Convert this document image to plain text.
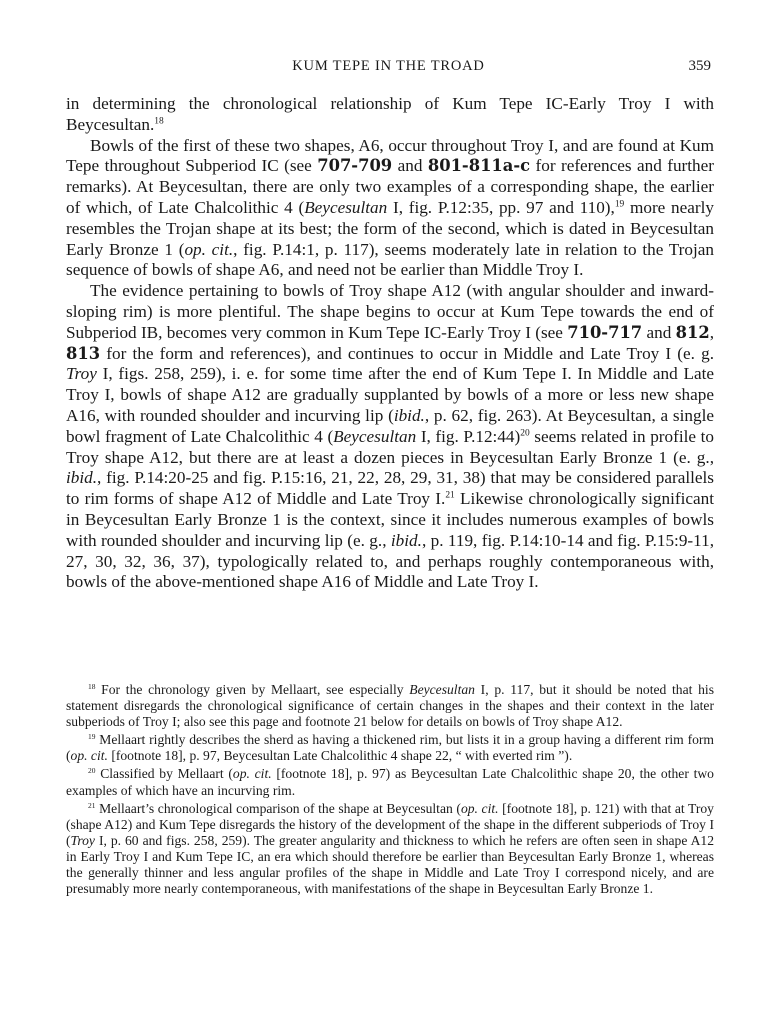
KUM TEPE IN THE TROAD	359

in determining the chronological relationship of Kum Tepe IC-Early Troy I with Beycesultan.$^{18}$

Bowls of the first of these two shapes, A6, occur throughout Troy I, and are found at Kum Tepe throughout Subperiod IC (see 707-709 and 801-811a-c for references and further remarks). At Beycesultan, there are only two examples of a corresponding shape, the earlier of which, of Late Chalcolithic 4 (Beycesultan I, fig. P.12:35, pp. 97 and 110),$^{19}$ more nearly resembles the Trojan shape at its best; the form of the second, which is dated in Beycesultan Early Bronze 1 (op. cit., fig. P.14:1, p. 117), seems moderately late in relation to the Trojan sequence of bowls of shape A6, and need not be earlier than Middle Troy I.

The evidence pertaining to bowls of Troy shape A12 (with angular shoulder and inward-sloping rim) is more plentiful. The shape begins to occur at Kum Tepe towards the end of Subperiod IB, becomes very common in Kum Tepe IC-Early Troy I (see 710-717 and 812, 813 for the form and references), and continues to occur in Middle and Late Troy I (e. g. Troy I, figs. 258, 259), i. e. for some time after the end of Kum Tepe I. In Middle and Late Troy I, bowls of shape A12 are gradually supplanted by bowls of a more or less new shape A16, with rounded shoulder and incurving lip (ibid., p. 62, fig. 263). At Beycesultan, a single bowl fragment of Late Chalcolithic 4 (Beycesultan I, fig. P.12:44)$^{20}$ seems related in profile to Troy shape A12, but there are at least a dozen pieces in Beycesultan Early Bronze 1 (e. g., ibid., fig. P.14:20-25 and fig. P.15:16, 21, 22, 28, 29, 31, 38) that may be considered parallels to rim forms of shape A12 of Middle and Late Troy I.$^{21}$ Likewise chronologically significant in Beycesultan Early Bronze 1 is the context, since it includes numerous examples of bowls with rounded shoulder and incurving lip (e. g., ibid., p. 119, fig. P.14:10-14 and fig. P.15:9-11, 27, 30, 32, 36, 37), typologically related to, and perhaps roughly contemporaneous with, bowls of the above-mentioned shape A16 of Middle and Late Troy I.

$^{18}$ For the chronology given by Mellaart, see especially Beycesultan I, p. 117, but it should be noted that his statement disregards the chronological significance of certain changes in the shapes and their context in the later subperiods of Troy I; also see this page and footnote 21 below for details on bowls of Troy shape A12.

$^{19}$ Mellaart rightly describes the sherd as having a thickened rim, but lists it in a group having a different rim form (op. cit. [footnote 18], p. 97, Beycesultan Late Chalcolithic 4 shape 22, “ with everted rim ”).

$^{20}$ Classified by Mellaart (op. cit. [footnote 18], p. 97) as Beycesultan Late Chalcolithic shape 20, the other two examples of which have an incurving rim.

$^{21}$ Mellaart’s chronological comparison of the shape at Beycesultan (op. cit. [footnote 18], p. 121) with that at Troy (shape A12) and Kum Tepe disregards the history of the development of the shape in the different subperiods of Troy I (Troy I, p. 60 and figs. 258, 259). The greater angularity and thickness to which he refers are often seen in shape A12 in Early Troy I and Kum Tepe IC, an era which should therefore be earlier than Beycesultan Early Bronze 1, whereas the generally thinner and less angular profiles of the shape in Middle and Late Troy I correspond nicely, and are presumably more nearly contemporaneous, with manifestations of the shape in Beycesultan Early Bronze 1.
